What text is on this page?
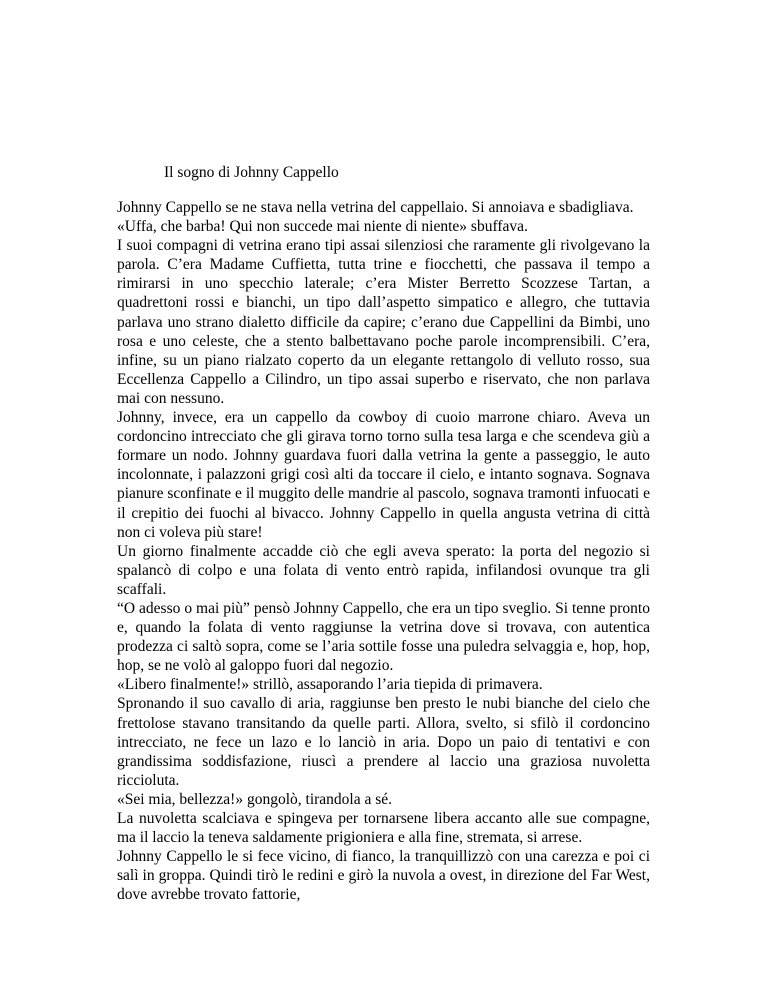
Il sogno di Johnny Cappello

Johnny Cappello se ne stava nella vetrina del cappellaio. Si annoiava e sbadigliava.

«Uffa, che barba! Qui non succede mai niente di niente» sbuffava.

I suoi compagni di vetrina erano tipi assai silenziosi che raramente gli rivolgevano la parola. C’era Madame Cuffietta, tutta trine e fiocchetti, che passava il tempo a rimirarsi in uno specchio laterale; c’era Mister Berretto Scozzese Tartan, a quadrettoni rossi e bianchi, un tipo dall’aspetto simpatico e allegro, che tuttavia parlava uno strano dialetto difficile da capire; c’erano due Cappellini da Bimbi, uno rosa e uno celeste, che a stento balbettavano poche parole incomprensibili. C’era, infine, su un piano rialzato coperto da un elegante rettangolo di velluto rosso, sua Eccellenza Cappello a Cilindro, un tipo assai superbo e riservato, che non parlava mai con nessuno.

Johnny, invece, era un cappello da cowboy di cuoio marrone chiaro. Aveva un cordoncino intrecciato che gli girava torno torno sulla tesa larga e che scendeva giù a formare un nodo. Johnny guardava fuori dalla vetrina la gente a passeggio, le auto incolonnate, i palazzoni grigi così alti da toccare il cielo, e intanto sognava. Sognava pianure sconfinate e il muggito delle mandrie al pascolo, sognava tramonti infuocati e il crepitio dei fuochi al bivacco. Johnny Cappello in quella angusta vetrina di città non ci voleva più stare!

Un giorno finalmente accadde ciò che egli aveva sperato: la porta del negozio si spalancò di colpo e una folata di vento entrò rapida, infilandosi ovunque tra gli scaffali.

“O adesso o mai più” pensò Johnny Cappello, che era un tipo sveglio. Si tenne pronto e, quando la folata di vento raggiunse la vetrina dove si trovava, con autentica prodezza ci saltò sopra, come se l’aria sottile fosse una puledra selvaggia e, hop, hop, hop, se ne volò al galoppo fuori dal negozio.

«Libero finalmente!» strillò, assaporando l’aria tiepida di primavera.

Spronando il suo cavallo di aria, raggiunse ben presto le nubi bianche del cielo che frettolose stavano transitando da quelle parti. Allora, svelto, si sfilò il cordoncino intrecciato, ne fece un lazo e lo lanciò in aria. Dopo un paio di tentativi e con grandissima soddisfazione, riuscì a prendere al laccio una graziosa nuvoletta riccioluta.

«Sei mia, bellezza!» gongolò, tirandola a sé.

La nuvoletta scalciava e spingeva per tornarsene libera accanto alle sue compagne, ma il laccio la teneva saldamente prigioniera e alla fine, stremata, si arrese.

Johnny Cappello le si fece vicino, di fianco, la tranquillizzò con una carezza e poi ci salì in groppa. Quindi tirò le redini e girò la nuvola a ovest, in direzione del Far West, dove avrebbe trovato fattorie,
